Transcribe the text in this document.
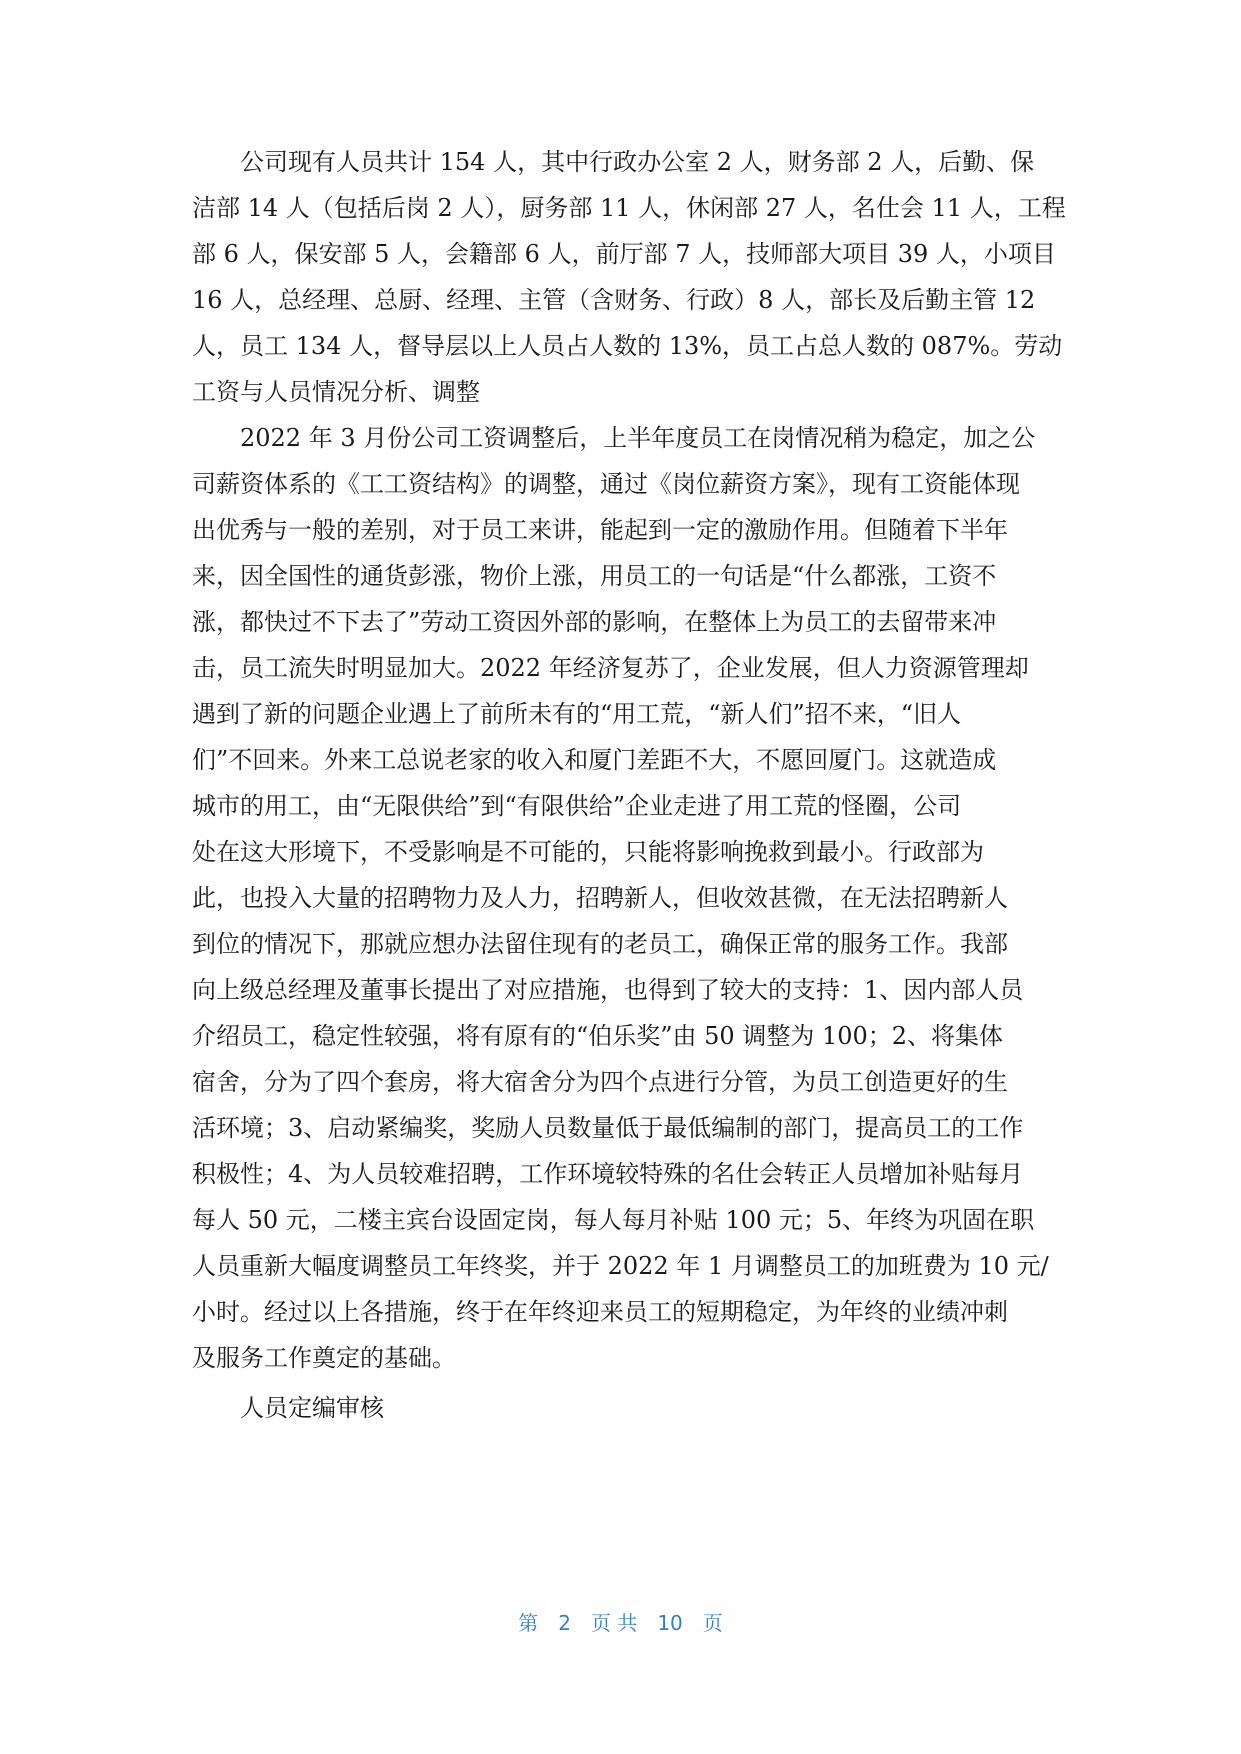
公司现有人员共计 154 人，其中行政办公室 2 人，财务部 2 人，后勤、保
洁部 14 人（包括后岗 2 人），厨务部 11 人，休闲部 27 人，名仕会 11 人，工程
部 6 人，保安部 5 人，会籍部 6 人，前厅部 7 人，技师部大项目 39 人，小项目
16 人，总经理、总厨、经理、主管（含财务、行政）8 人，部长及后勤主管 12
人，员工 134 人，督导层以上人员占人数的 13%，员工占总人数的 087%。劳动
工资与人员情况分析、调整
2022 年 3 月份公司工资调整后，上半年度员工在岗情况稍为稳定，加之公
司薪资体系的《工工资结构》的调整，通过《岗位薪资方案》，现有工资能体现
出优秀与一般的差别，对于员工来讲，能起到一定的激励作用。但随着下半年
来，因全国性的通货彭涨，物价上涨，用员工的一句话是“什么都涨，工资不
涨，都快过不下去了”劳动工资因外部的影响，在整体上为员工的去留带来冲
击，员工流失时明显加大。2022 年经济复苏了，企业发展，但人力资源管理却
遇到了新的问题企业遇上了前所未有的“用工荒，“新人们”招不来，“旧人
们”不回来。外来工总说老家的收入和厦门差距不大，不愿回厦门。这就造成
城市的用工，由“无限供给”到“有限供给”企业走进了用工荒的怪圈，公司
处在这大形境下，不受影响是不可能的，只能将影响挽救到最小。行政部为
此，也投入大量的招聘物力及人力，招聘新人，但收效甚微，在无法招聘新人
到位的情况下，那就应想办法留住现有的老员工，确保正常的服务工作。我部
向上级总经理及董事长提出了对应措施，也得到了较大的支持：1、因内部人员
介绍员工，稳定性较强，将有原有的“伯乐奖”由 50 调整为 100；2、将集体
宿舍，分为了四个套房，将大宿舍分为四个点进行分管，为员工创造更好的生
活环境；3、启动紧编奖，奖励人员数量低于最低编制的部门，提高员工的工作
积极性；4、为人员较难招聘，工作环境较特殊的名仕会转正人员增加补贴每月
每人 50 元，二楼主宾台设固定岗，每人每月补贴 100 元；5、年终为巩固在职
人员重新大幅度调整员工年终奖，并于 2022 年 1 月调整员工的加班费为 10 元/
小时。经过以上各措施，终于在年终迎来员工的短期稳定，为年终的业绩冲刺
及服务工作奠定的基础。
人员定编审核
第　2　页 共　10　页
